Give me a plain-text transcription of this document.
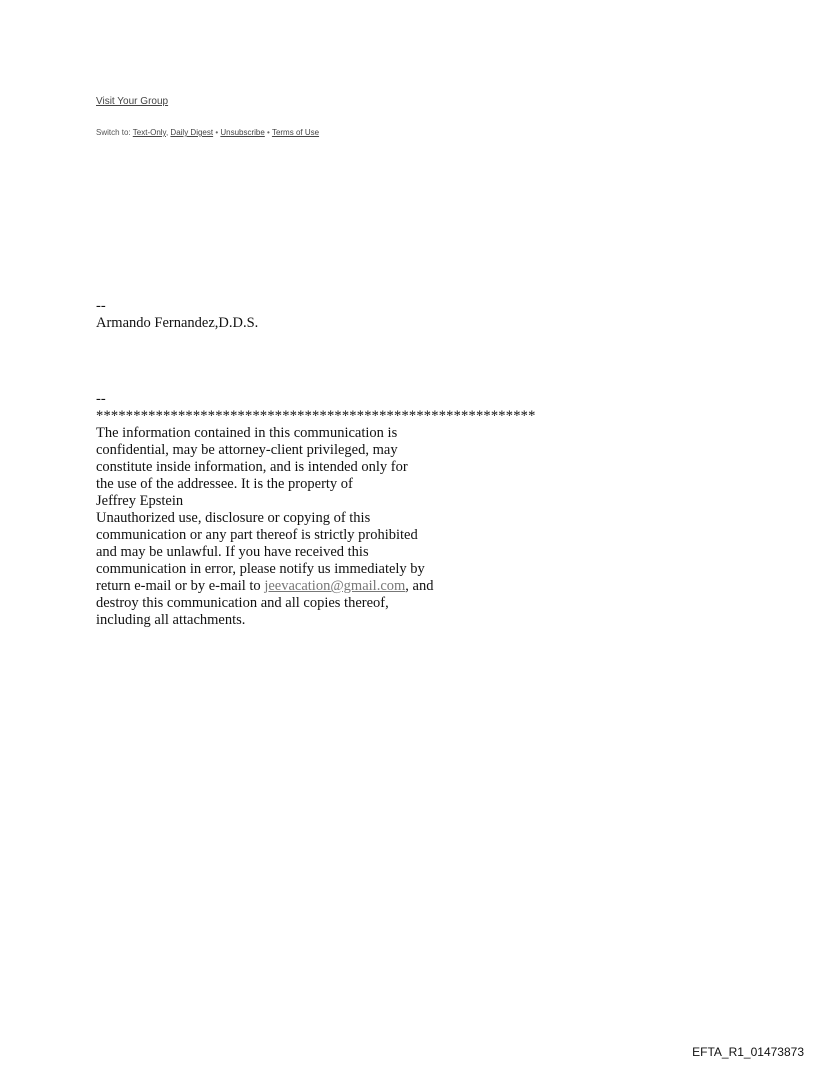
Visit Your Group
Switch to: Text-Only, Daily Digest • Unsubscribe • Terms of Use
--
Armando Fernandez,D.D.S.
--
***********************************************************
The information contained in this communication is
confidential, may be attorney-client privileged, may
constitute inside information, and is intended only for
the use of the addressee. It is the property of
Jeffrey Epstein
Unauthorized use, disclosure or copying of this
communication or any part thereof is strictly prohibited
and may be unlawful. If you have received this
communication in error, please notify us immediately by
return e-mail or by e-mail to jeevacation@gmail.com, and
destroy this communication and all copies thereof,
including all attachments.
EFTA_R1_01473873
